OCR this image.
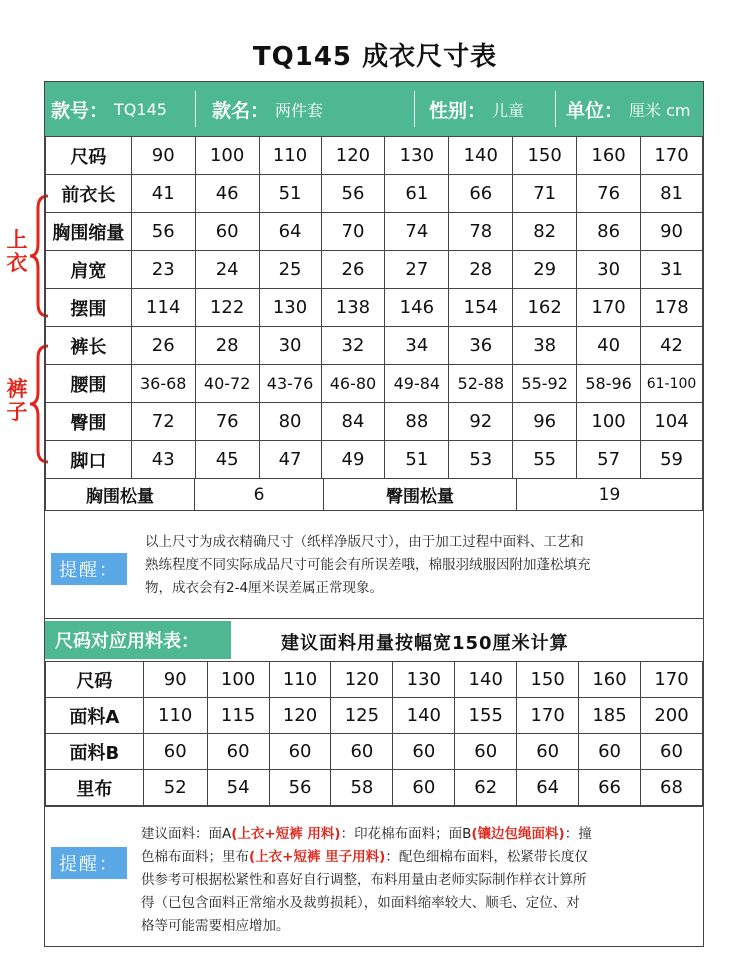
TQ145 成衣尺寸表
上
衣
裤
子
款号： TQ145 款名： 两件套	性别： 儿童 单位： 厘米 cm
尺码	90	100	110	120	130	140	150	160	170
前衣长	41	46	51	56	61	66	71	76	81
胸围缩量	56	60	64	70	74	78	82	86	90
肩宽	23	24	25	26	27	28	29	30	31
摆围	114	122	130	138	146	154	162	170	178
裤长	26	28	30	32	34	36	38	40	42
腰围	36-68	40-72	43-76	46-80	49-84	52-88	55-92	58-96	61-100
臀围	72	76	80	84	88	92	96	100	104
脚口	43	45	47	49	51	53	55	57	59
胸围松量	6	臀围松量	19
提醒：
以上尺寸为成衣精确尺寸（纸样净版尺寸），由于加工过程中面料、工艺和
熟练程度不同实际成品尺寸可能会有所误差哦，棉服羽绒服因附加蓬松填充
物，成衣会有2-4厘米误差属正常现象。
尺码对应用料表：	建议面料用量按幅宽150厘米计算
尺码	90	100	110	120	130	140	150	160	170
面料A	110	115	120	125	140	155	170	185	200
面料B	60	60	60	60	60	60	60	60	60
里布	52	54	56	58	60	62	64	66	68
提醒：
建议面料：面A(上衣+短裤 用料)：印花棉布面料；面B(镶边包绳面料)：撞
色棉布面料；里布(上衣+短裤 里子用料)：配色细棉布面料，松紧带长度仅
供参考可根据松紧性和喜好自行调整，布料用量由老师实际制作样衣计算所
得（已包含面料正常缩水及裁剪损耗），如面料缩率较大、顺毛、定位、对
格等可能需要相应增加。
